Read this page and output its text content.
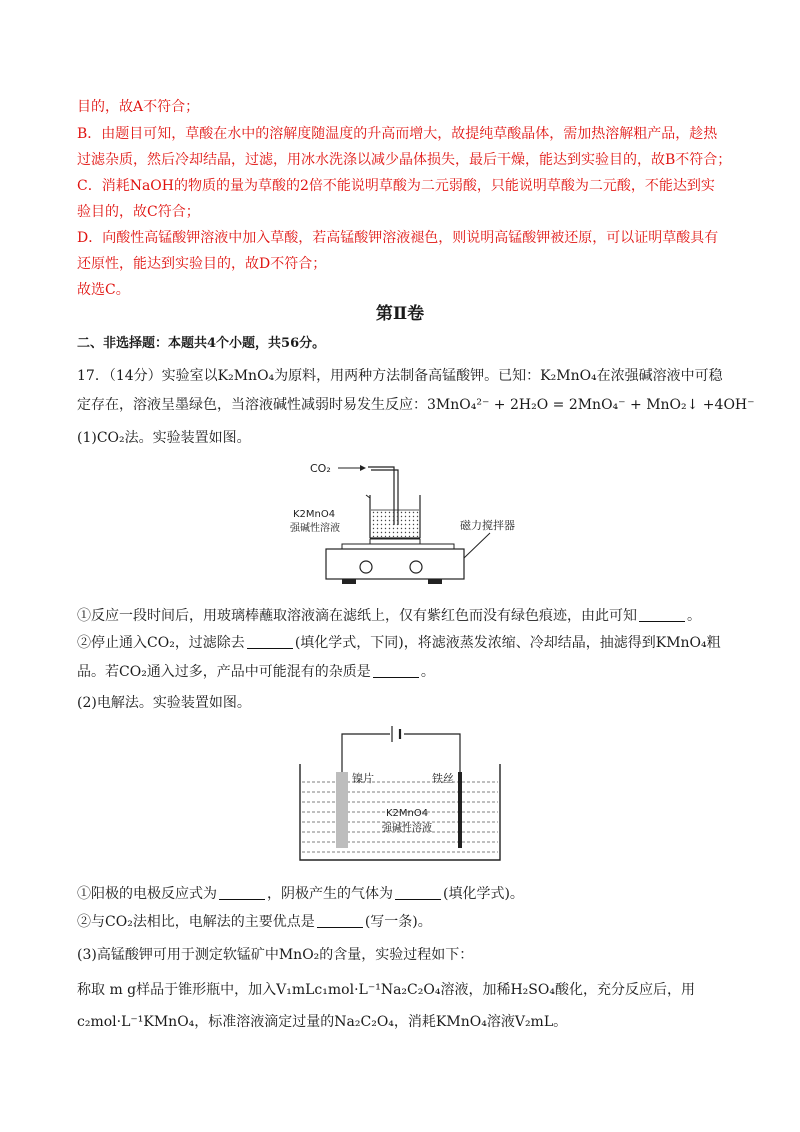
目的，故A不符合；
B．由题目可知，草酸在水中的溶解度随温度的升高而增大，故提纯草酸晶体，需加热溶解粗产品，趁热
过滤杂质，然后冷却结晶，过滤，用冰水洗涤以减少晶体损失，最后干燥，能达到实验目的，故B不符合；
C．消耗NaOH的物质的量为草酸的2倍不能说明草酸为二元弱酸，只能说明草酸为二元酸，不能达到实
验目的，故C符合；
D．向酸性高锰酸钾溶液中加入草酸，若高锰酸钾溶液褪色，则说明高锰酸钾被还原，可以证明草酸具有
还原性，能达到实验目的，故D不符合；
故选C。
第Ⅱ卷
二、非选择题：本题共4个小题，共56分。
17．（14分）实验室以K₂MnO₄为原料，用两种方法制备高锰酸钾。已知：K₂MnO₄在浓强碱溶液中可稳
定存在，溶液呈墨绿色，当溶液碱性减弱时易发生反应：3MnO₄²⁻ + 2H₂O = 2MnO₄⁻ + MnO₂↓ +4OH⁻
(1)CO₂法。实验装置如图。
CO₂
K2MnO4
强碱性溶液	磁力搅拌器
①反应一段时间后，用玻璃棒蘸取溶液滴在滤纸上，仅有紫红色而没有绿色痕迹，由此可知	。
②停止通入CO₂，过滤除去	(填化学式，下同)，将滤液蒸发浓缩、冷却结晶，抽滤得到KMnO₄粗
品。若CO₂通入过多，产品中可能混有的杂质是	。
(2)电解法。实验装置如图。
镍片	铁丝
K2MnO4
强碱性溶液
①阳极的电极反应式为	，阴极产生的气体为	(填化学式)。
②与CO₂法相比，电解法的主要优点是	(写一条)。
(3)高锰酸钾可用于测定软锰矿中MnO₂的含量，实验过程如下：
称取 m g样品于锥形瓶中，加入V₁mLc₁mol·L⁻¹Na₂C₂O₄溶液，加稀H₂SO₄酸化，充分反应后，用
c₂mol·L⁻¹KMnO₄，标准溶液滴定过量的Na₂C₂O₄，消耗KMnO₄溶液V₂mL。
